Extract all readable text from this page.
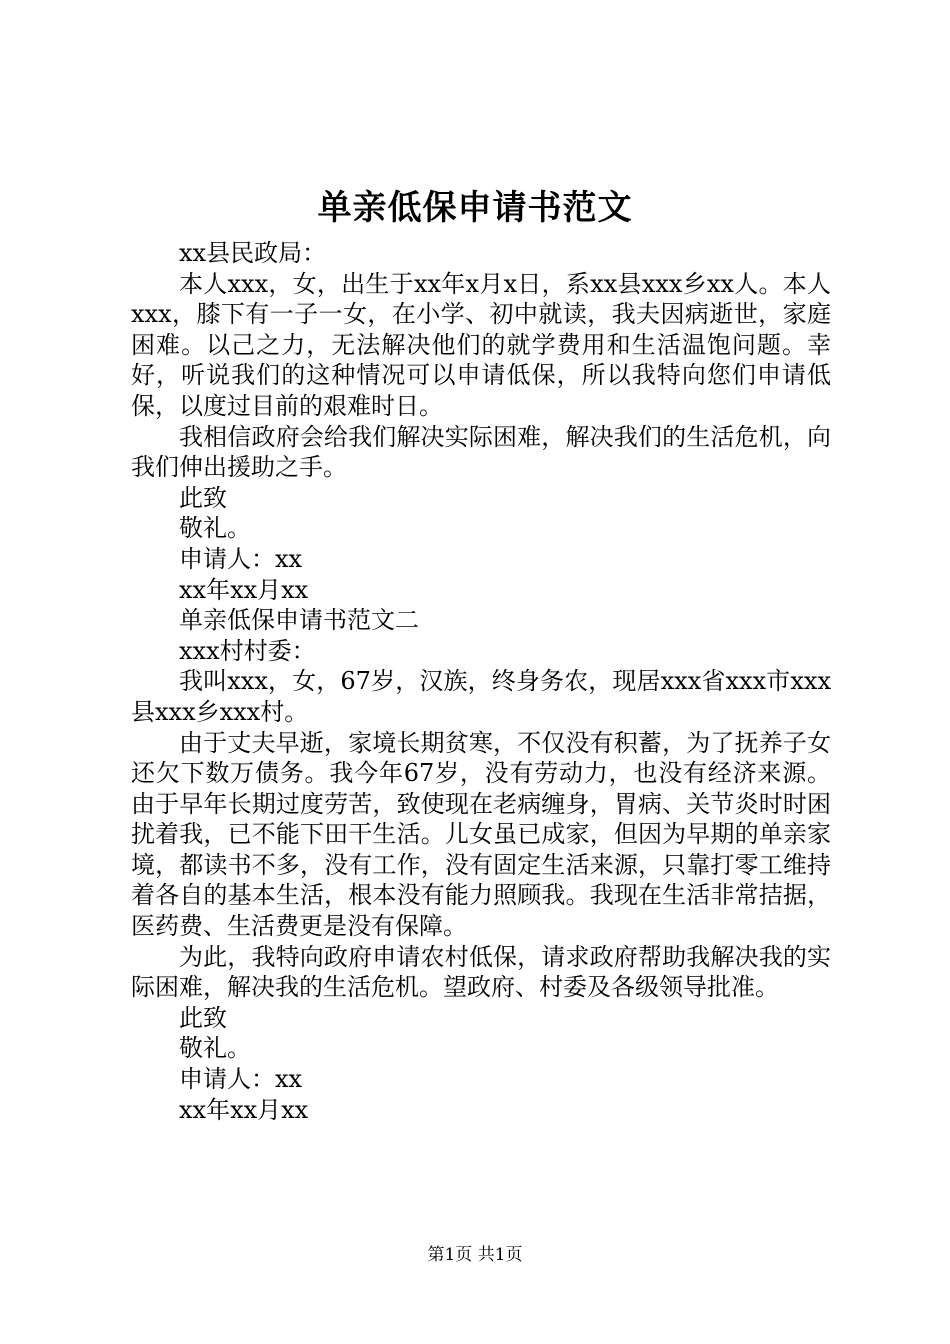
单亲低保申请书范文

xx县民政局：

本人xxx，女，出生于xx年x月x日，系xx县xxx乡xx人。本人xxx，膝下有一子一女，在小学、初中就读，我夫因病逝世，家庭困难。以己之力，无法解决他们的就学费用和生活温饱问题。幸好，听说我们的这种情况可以申请低保，所以我特向您们申请低保，以度过目前的艰难时日。

我相信政府会给我们解决实际困难，解决我们的生活危机，向我们伸出援助之手。

此致

敬礼。

申请人：xx

xx年xx月xx

单亲低保申请书范文二

xxx村村委：

我叫xxx，女，67岁，汉族，终身务农，现居xxx省xxx市xxx县xxx乡xxx村。

由于丈夫早逝，家境长期贫寒，不仅没有积蓄，为了抚养子女还欠下数万债务。我今年67岁，没有劳动力，也没有经济来源。由于早年长期过度劳苦，致使现在老病缠身，胃病、关节炎时时困扰着我，已不能下田干生活。儿女虽已成家，但因为早期的单亲家境，都读书不多，没有工作，没有固定生活来源，只靠打零工维持着各自的基本生活，根本没有能力照顾我。我现在生活非常拮据，医药费、生活费更是没有保障。

为此，我特向政府申请农村低保，请求政府帮助我解决我的实际困难，解决我的生活危机。望政府、村委及各级领导批准。

此致

敬礼。

申请人：xx

xx年xx月xx

第1页 共1页
